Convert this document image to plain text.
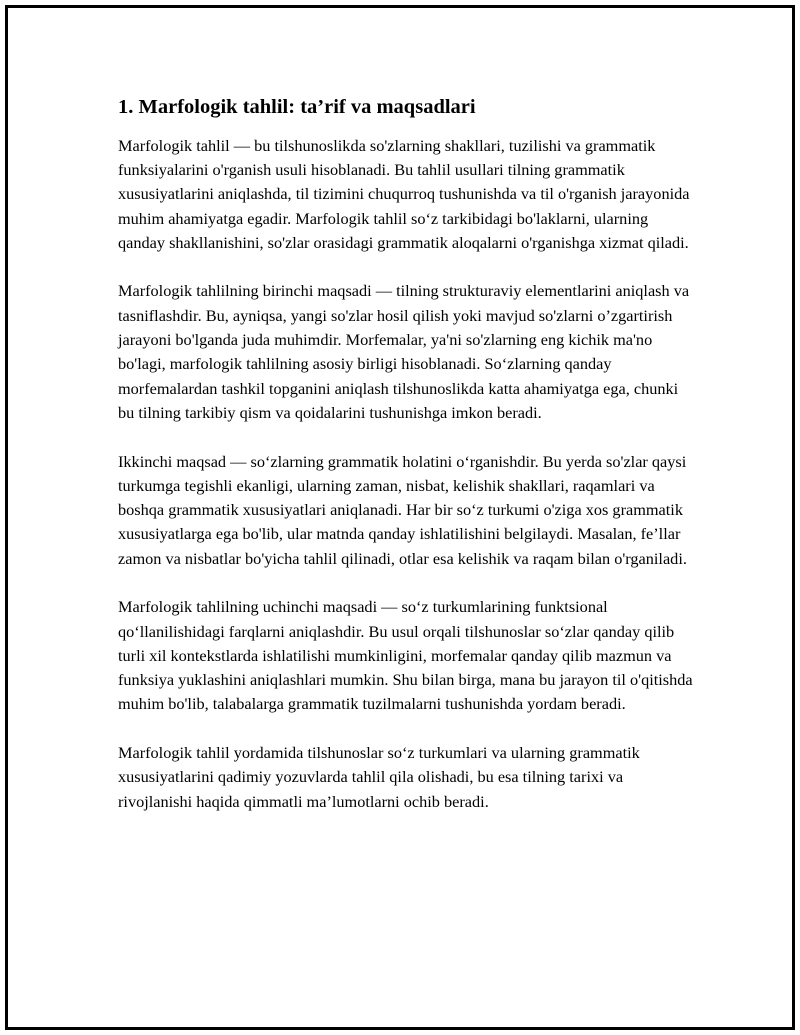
1. Marfologik tahlil: ta’rif va maqsadlari

Marfologik tahlil — bu tilshunoslikda so'zlarning shakllari, tuzilishi va grammatik funksiyalarini o'rganish usuli hisoblanadi. Bu tahlil usullari tilning grammatik xususiyatlarini aniqlashda, til tizimini chuqurroq tushunishda va til o'rganish jarayonida muhim ahamiyatga egadir. Marfologik tahlil so‘z tarkibidagi bo'laklarni, ularning qanday shakllanishini, so'zlar orasidagi grammatik aloqalarni o'rganishga xizmat qiladi.

Marfologik tahlilning birinchi maqsadi — tilning strukturaviy elementlarini aniqlash va tasniflashdir. Bu, ayniqsa, yangi so'zlar hosil qilish yoki mavjud so'zlarni o’zgartirish jarayoni bo'lganda juda muhimdir. Morfemalar, ya'ni so'zlarning eng kichik ma'no bo'lagi, marfologik tahlilning asosiy birligi hisoblanadi. So‘zlarning qanday morfemalardan tashkil topganini aniqlash tilshunoslikda katta ahamiyatga ega, chunki bu tilning tarkibiy qism va qoidalarini tushunishga imkon beradi.

Ikkinchi maqsad — so‘zlarning grammatik holatini o‘rganishdir. Bu yerda so'zlar qaysi turkumga tegishli ekanligi, ularning zaman, nisbat, kelishik shakllari, raqamlari va boshqa grammatik xususiyatlari aniqlanadi. Har bir so‘z turkumi o'ziga xos grammatik xususiyatlarga ega bo'lib, ular matnda qanday ishlatilishini belgilaydi. Masalan, fe’llar zamon va nisbatlar bo'yicha tahlil qilinadi, otlar esa kelishik va raqam bilan o'rganiladi.

Marfologik tahlilning uchinchi maqsadi — so‘z turkumlarining funktsional qo‘llanilishidagi farqlarni aniqlashdir. Bu usul orqali tilshunoslar so‘zlar qanday qilib turli xil kontekstlarda ishlatilishi mumkinligini, morfemalar qanday qilib mazmun va funksiya yuklashini aniqlashlari mumkin. Shu bilan birga, mana bu jarayon til o'qitishda muhim bo'lib, talabalarga grammatik tuzilmalarni tushunishda yordam beradi.

Marfologik tahlil yordamida tilshunoslar so‘z turkumlari va ularning grammatik xususiyatlarini qadimiy yozuvlarda tahlil qila olishadi, bu esa tilning tarixi va rivojlanishi haqida qimmatli ma’lumotlarni ochib beradi.
